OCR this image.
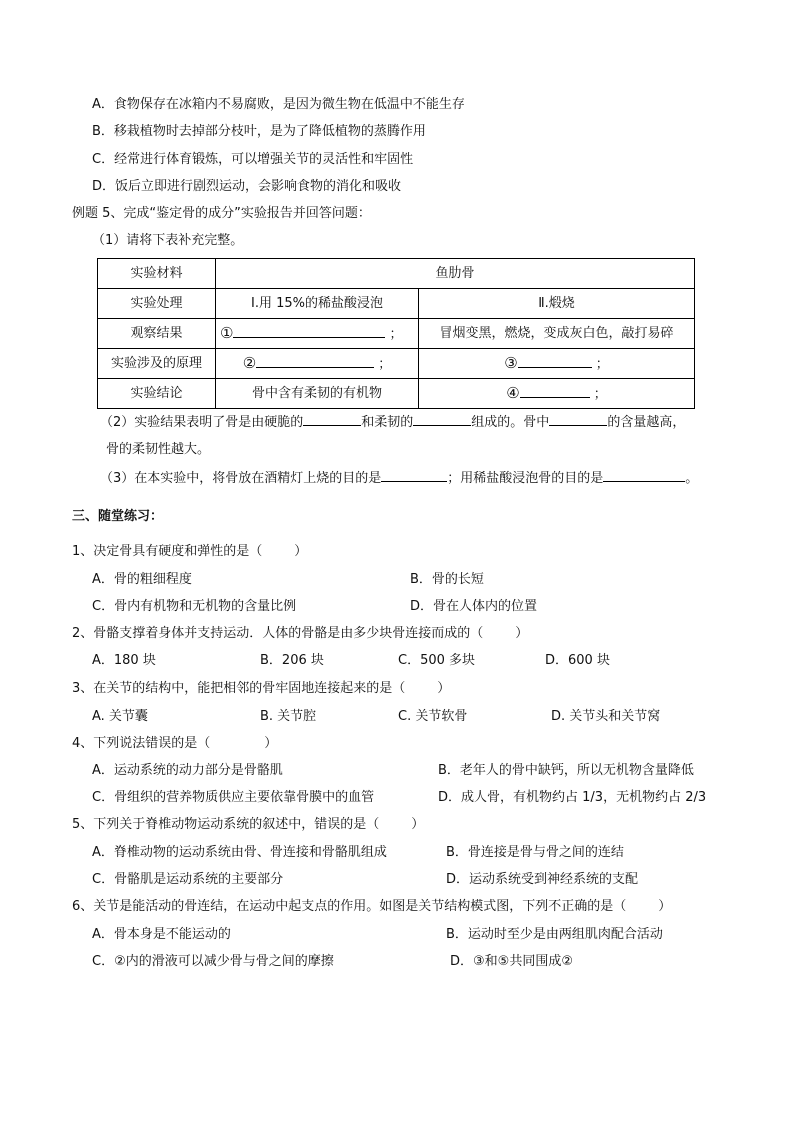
A．食物保存在冰箱内不易腐败，是因为微生物在低温中不能生存
B．移栽植物时去掉部分枝叶，是为了降低植物的蒸腾作用
C．经常进行体育锻炼，可以增强关节的灵活性和牢固性
D．饭后立即进行剧烈运动，会影响食物的消化和吸收
例题 5、完成“鉴定骨的成分”实验报告并回答问题：
（1）请将下表补充完整。
实验材料	鱼肋骨	
实验处理	Ⅰ.用 15%的稀盐酸浸泡	Ⅱ.煅烧
观察结果	① ；	冒烟变黑，燃烧，变成灰白色，敲打易碎
实验涉及的原理	② ；	③ ；
实验结论	骨中含有柔韧的有机物	④ ；
（2）实验结果表明了骨是由硬脆的	和柔韧的	组成的。骨中	的含量越高，
骨的柔韧性越大。
（3）在本实验中，将骨放在酒精灯上烧的目的是	；用稀盐酸浸泡骨的目的是	。
三、随堂练习：
1、决定骨具有硬度和弹性的是（ ）
A．骨的粗细程度	B．骨的长短
C．骨内有机物和无机物的含量比例	D．骨在人体内的位置
2、骨骼支撑着身体并支持运动．人体的骨骼是由多少块骨连接而成的（ ）
A．180 块	B．206 块	C．500 多块	D．600 块
3、在关节的结构中，能把相邻的骨牢固地连接起来的是（ ）
A. 关节囊	B. 关节腔	C. 关节软骨	D. 关节头和关节窝
4、下列说法错误的是（	）
A．运动系统的动力部分是骨骼肌	B．老年人的骨中缺钙，所以无机物含量降低
C．骨组织的营养物质供应主要依靠骨膜中的血管	D．成人骨，有机物约占 1/3，无机物约占 2/3
5、下列关于脊椎动物运动系统的叙述中，错误的是（ ）
A．脊椎动物的运动系统由骨、骨连接和骨骼肌组成	B．骨连接是骨与骨之间的连结
C．骨骼肌是运动系统的主要部分	D．运动系统受到神经系统的支配
6、关节是能活动的骨连结，在运动中起支点的作用。如图是关节结构模式图，下列不正确的是（ ）
A．骨本身是不能运动的	B．运动时至少是由两组肌肉配合活动
C．②内的滑液可以减少骨与骨之间的摩擦	D．③和⑤共同围成②
